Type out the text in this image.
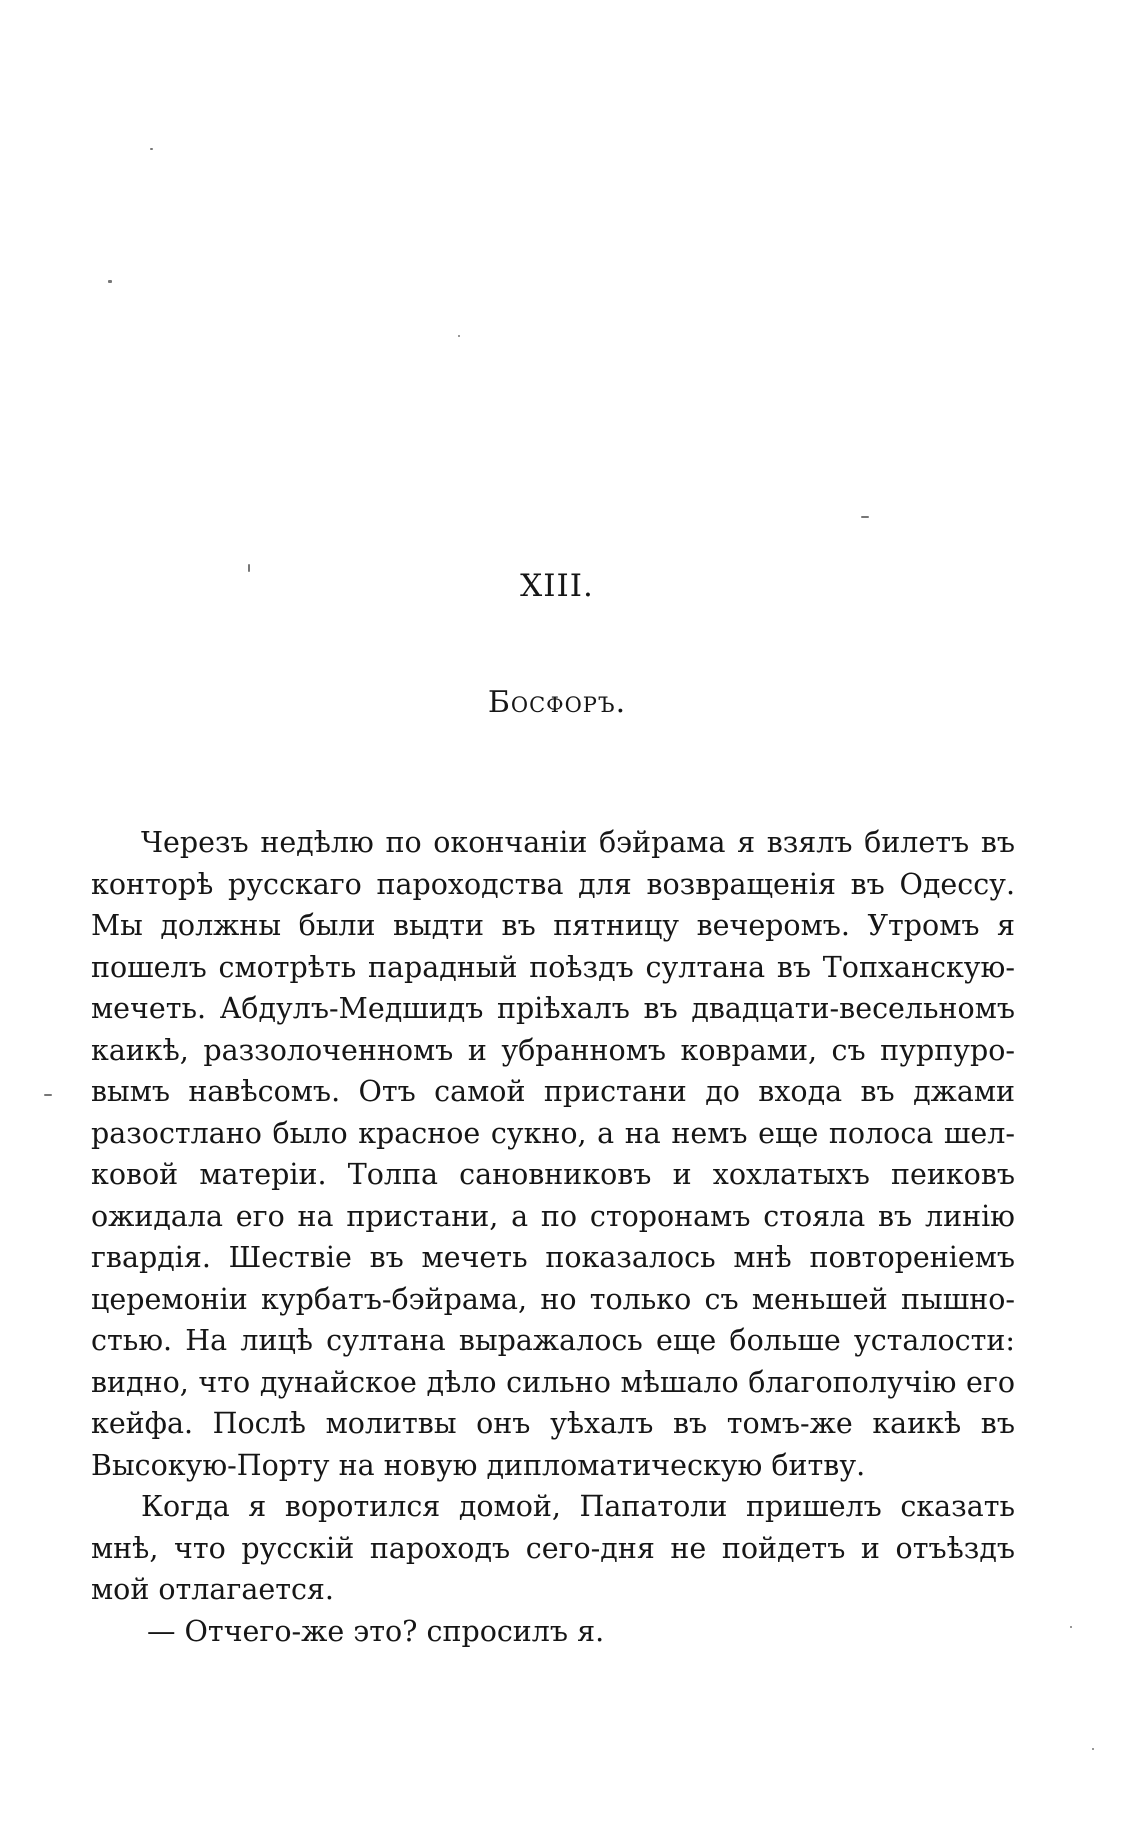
XIII.
Босфоръ.
Черезъ недѣлю по окончаніи бэйрама я взялъ билетъ въ
конторѣ русскаго пароходства для возвращенія въ Одессу.
Мы должны были выдти въ пятницу вечеромъ. Утромъ я
пошелъ смотрѣть парадный поѣздъ султана въ Топханскую-
мечеть. Абдулъ-Медшидъ пріѣхалъ въ двадцати-весельномъ
каикѣ, раззолоченномъ и убранномъ коврами, съ пурпуро-
вымъ навѣсомъ. Отъ самой пристани до входа въ джами
разостлано было красное сукно, а на немъ еще полоса шел-
ковой матеріи. Толпа сановниковъ и хохлатыхъ пеиковъ
ожидала его на пристани, а по сторонамъ стояла въ линію
гвардія. Шествіе въ мечеть показалось мнѣ повтореніемъ
церемоніи курбатъ-бэйрама, но только съ меньшей пышно-
стью. На лицѣ султана выражалось еще больше усталости:
видно, что дунайское дѣло сильно мѣшало благополучію его
кейфа. Послѣ молитвы онъ уѣхалъ въ томъ-же каикѣ въ
Высокую-Порту на новую дипломатическую битву.
Когда я воротился домой, Папатоли пришелъ сказать
мнѣ, что русскій пароходъ сего-дня не пойдетъ и отъѣздъ
мой отлагается.
— Отчего-же это? спросилъ я.
